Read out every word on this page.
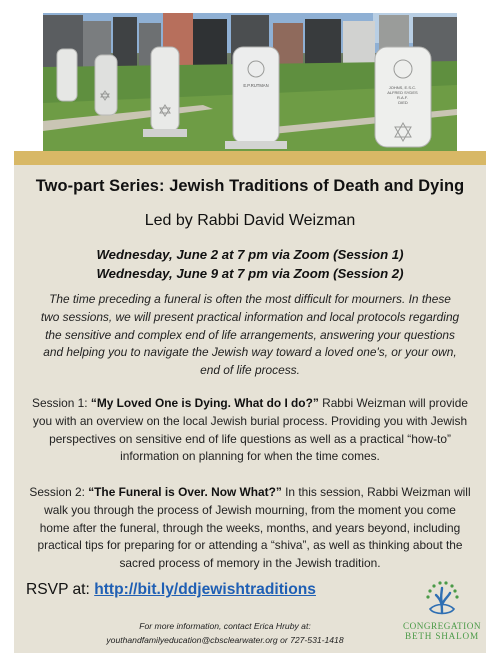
E.P.RUTMAN	JOHNS, E.S.C. ALFRED SYDES R.A.F. DIED
Two-part Series: Jewish Traditions of Death and Dying
Led by Rabbi David Weizman
Wednesday, June 2 at 7 pm via Zoom (Session 1)
Wednesday, June 9 at 7 pm via Zoom (Session 2)
The time preceding a funeral is often the most difficult for mourners. In these two sessions, we will present practical information and local protocols regarding the sensitive and complex end of life arrangements, answering your questions and helping you to navigate the Jewish way toward a loved one's, or your own, end of life process.
Session 1: “My Loved One is Dying. What do I do?” Rabbi Weizman will provide you with an overview on the local Jewish burial process. Providing you with Jewish perspectives on sensitive end of life questions as well as a practical “how-to” information on planning for when the time comes.
Session 2: “The Funeral is Over. Now What?” In this session, Rabbi Weizman will walk you through the process of Jewish mourning, from the moment you come home after the funeral, through the weeks, months, and years beyond, including practical tips for preparing for or attending a “shiva”, as well as thinking about the sacred process of memory in the Jewish tradition.
RSVP at: http://bit.ly/ddjewishtraditions
For more information, contact Erica Hruby at:
youthandfamilyeducation@cbsclearwater.org or 727-531-1418
CONGREGATION
BETH SHALOM
